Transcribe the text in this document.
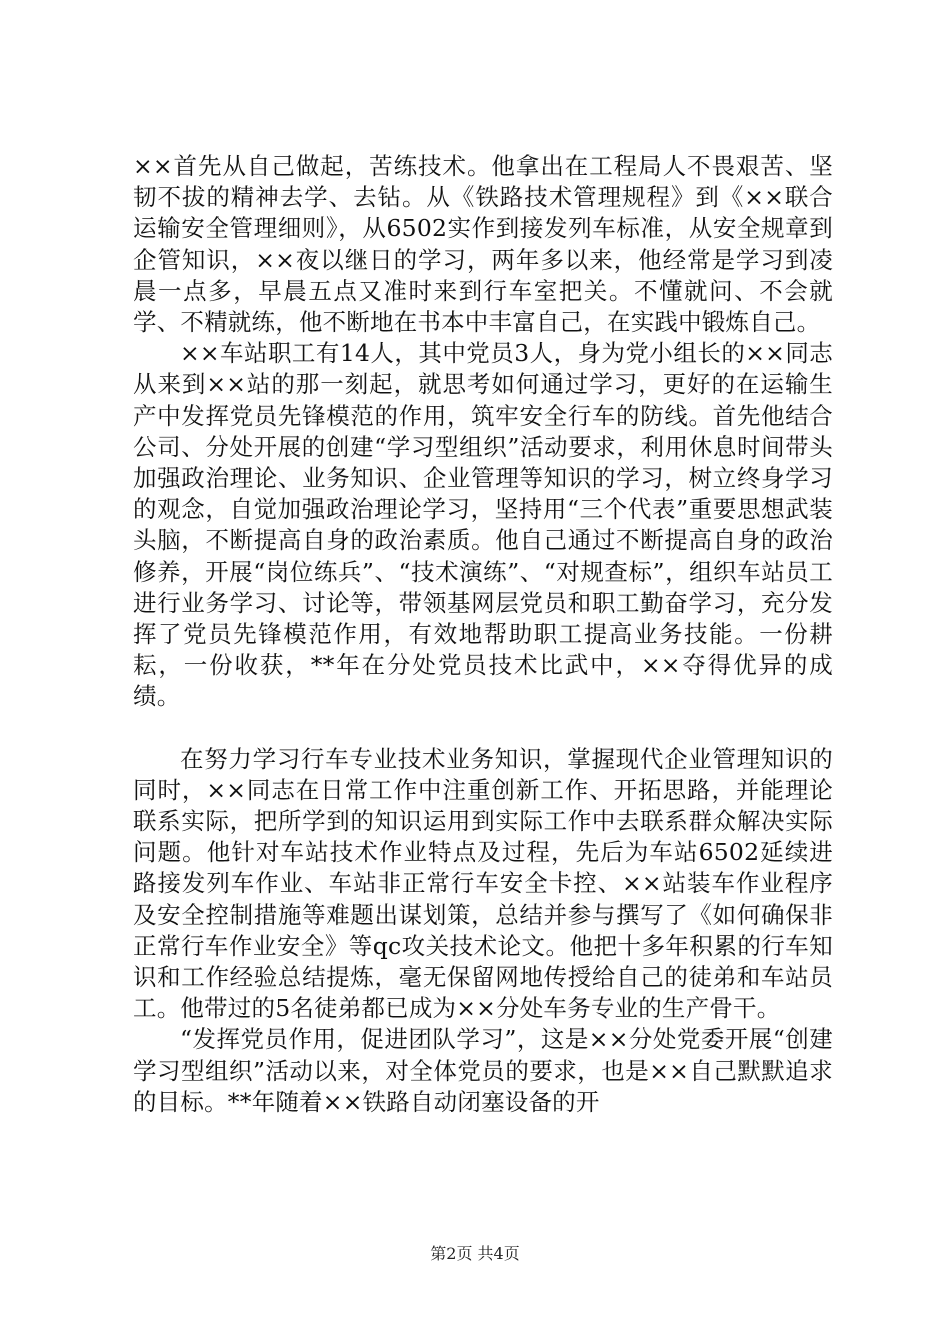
××首先从自己做起，苦练技术。他拿出在工程局人不畏艰苦、坚韧不拔的精神去学、去钻。从《铁路技术管理规程》到《××联合运输安全管理细则》，从6502实作到接发列车标准，从安全规章到企管知识，××夜以继日的学习，两年多以来，他经常是学习到凌晨一点多，早晨五点又准时来到行车室把关。不懂就问、不会就学、不精就练，他不断地在书本中丰富自己，在实践中锻炼自己。

××车站职工有14人，其中党员3人，身为党小组长的××同志从来到××站的那一刻起，就思考如何通过学习，更好的在运输生产中发挥党员先锋模范的作用，筑牢安全行车的防线。首先他结合公司、分处开展的创建“学习型组织”活动要求，利用休息时间带头加强政治理论、业务知识、企业管理等知识的学习，树立终身学习的观念，自觉加强政治理论学习，坚持用“三个代表”重要思想武装头脑，不断提高自身的政治素质。他自己通过不断提高自身的政治修养，开展“岗位练兵”、“技术演练”、“对规查标”，组织车站员工进行业务学习、讨论等，带领基网层党员和职工勤奋学习，充分发挥了党员先锋模范作用，有效地帮助职工提高业务技能。一份耕耘，一份收获，**年在分处党员技术比武中，××夺得优异的成绩。

在努力学习行车专业技术业务知识，掌握现代企业管理知识的同时，××同志在日常工作中注重创新工作、开拓思路，并能理论联系实际，把所学到的知识运用到实际工作中去联系群众解决实际问题。他针对车站技术作业特点及过程，先后为车站6502延续进路接发列车作业、车站非正常行车安全卡控、××站装车作业程序及安全控制措施等难题出谋划策，总结并参与撰写了《如何确保非正常行车作业安全》等qc攻关技术论文。他把十多年积累的行车知识和工作经验总结提炼，毫无保留网地传授给自己的徒弟和车站员工。他带过的5名徒弟都已成为××分处车务专业的生产骨干。

“发挥党员作用，促进团队学习”，这是××分处党委开展“创建学习型组织”活动以来，对全体党员的要求，也是××自己默默追求的目标。**年随着××铁路自动闭塞设备的开

第2页 共4页
